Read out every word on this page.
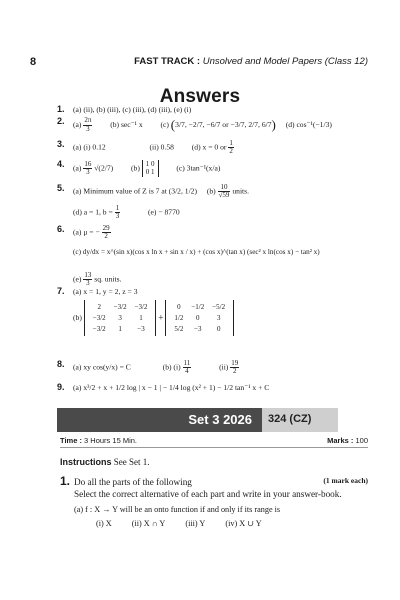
8	FAST TRACK : Unsolved and Model Papers (Class 12)
Answers
1. (a) (ii), (b) (iii), (c) (iii), (d) (iii), (e) (i)
2. $(a) \frac{2\pi}{3} (b)$ sec⁻¹ x (c) (3/7, −2/7, −6/7 or −3/7, 2/7, 6/7) (d) cos⁻¹(−1/3)
3. (a) (i) 0.12	(ii) 0.58 (d) x = 0 or $\frac{1}{2}$
4. $(a) \frac{16}{3} √(2/7)$ (b) 1 0
0 1	(c) 3tan⁻¹(x/a)
5. (a) Minimum value of Z is 7 at (3/2, 1/2) $(b) \frac{10}{√59}$ units.
(d) a = 1, $b = \frac{1}{3}$	(e) − 8770
6. (a) μ = − $\frac{29}{2}$
(c) dy/dx = x^(sin x)(cos x ln x + sin x / x) + (cos x)^(tan x) (sec² x ln(cos x) − tan² x)
$(e) \frac{13}{3}$ sq. units.
7. (a) x = 1, y = 2, z = 3
(b)
2	−3/2	−3/2
−3/2	3	1
−3/2	1	−3
+
0	−1/2	−5/2
1/2	0	3
5/2	−3	0
8. (a) xy cos(y/x) = C	(b) $(i) \frac{11}{4}$	$(ii) \frac{19}{2}$
9. (a) x³/2 + x + 1/2 log | x − 1 | − 1/4 log (x² + 1) − 1/2 tan⁻¹ x + C
Set 3 2026	324 (CZ)
Time : 3 Hours 15 Min.	Marks : 100
Instructions See Set 1.
1.	(1 mark each)

Do all the parts of the following

Select the correct alternative of each part and write in your answer-book.

(a) f : X → Y will be an onto function if and only if its range is

(i) X (ii) X ∩ Y (iii) Y (iv) X ∪ Y
